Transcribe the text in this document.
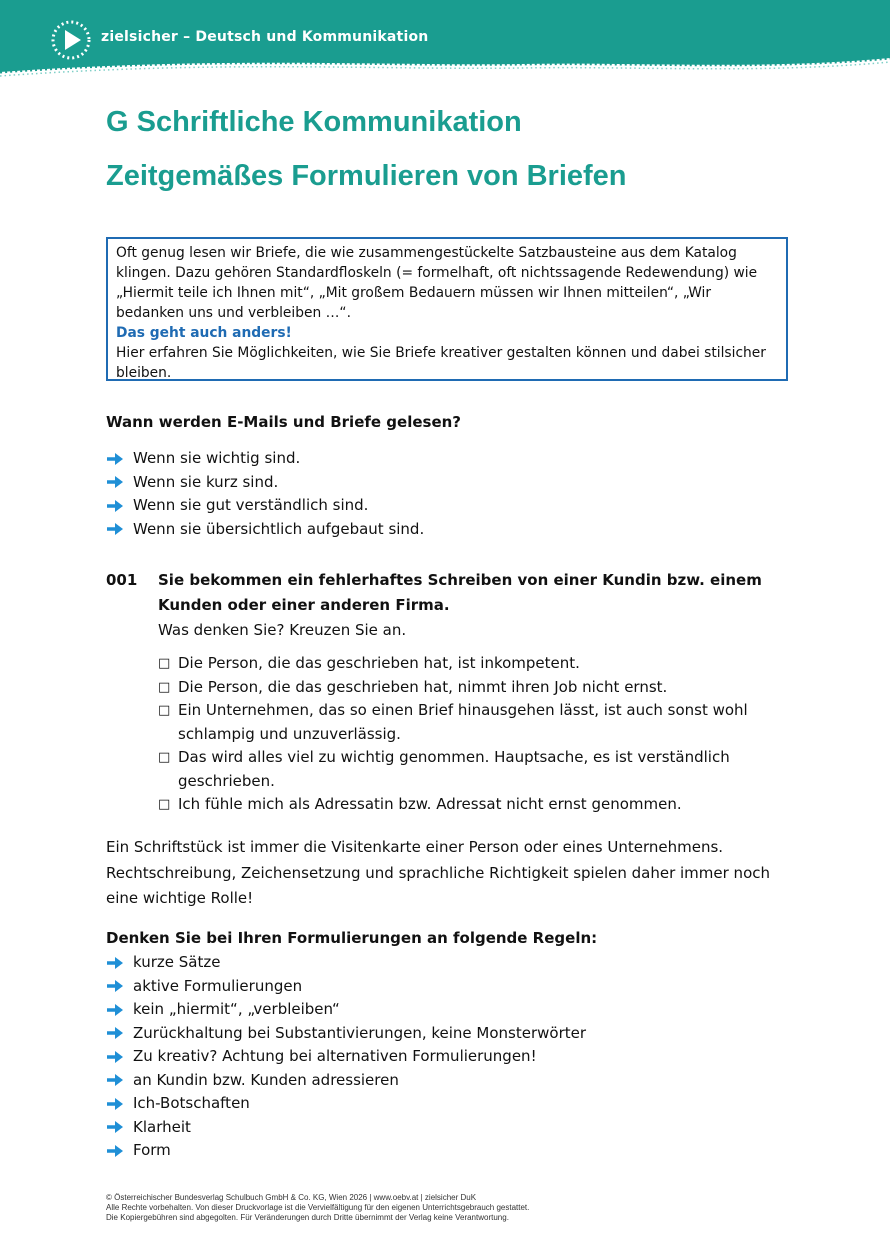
zielsicher – Deutsch und Kommunikation
G Schriftliche Kommunikation
Zeitgemäßes Formulieren von Briefen

Oft genug lesen wir Briefe, die wie zusammengestückelte Satzbausteine aus dem Katalog klingen. Dazu gehören Standardfloskeln (= formelhaft, oft nichtssagende Redewendung) wie „Hiermit teile ich Ihnen mit“, „Mit großem Bedauern müssen wir Ihnen mitteilen“, „Wir bedanken uns und verbleiben …“.

Das geht auch anders!

Hier erfahren Sie Möglichkeiten, wie Sie Briefe kreativer gestalten können und dabei stilsicher bleiben.

Wann werden E-Mails und Briefe gelesen?
Wenn sie wichtig sind.
Wenn sie kurz sind.
Wenn sie gut verständlich sind.
Wenn sie übersichtlich aufgebaut sind.
001 Sie bekommen ein fehlerhaftes Schreiben von einer Kundin bzw. einem Kunden oder einer anderen Firma.

Was denken Sie? Kreuzen Sie an.

□ Die Person, die das geschrieben hat, ist inkompetent.
□ Die Person, die das geschrieben hat, nimmt ihren Job nicht ernst.
□ Ein Unternehmen, das so einen Brief hinausgehen lässt, ist auch sonst wohl schlampig und unzuverlässig.
□ Das wird alles viel zu wichtig genommen. Hauptsache, es ist verständlich geschrieben.
□ Ich fühle mich als Adressatin bzw. Adressat nicht ernst genommen.

Ein Schriftstück ist immer die Visitenkarte einer Person oder eines Unternehmens. Rechtschreibung, Zeichensetzung und sprachliche Richtigkeit spielen daher immer noch eine wichtige Rolle!

Denken Sie bei Ihren Formulierungen an folgende Regeln:
kurze Sätze
aktive Formulierungen
kein „hiermit“, „verbleiben“
Zurückhaltung bei Substantivierungen, keine Monsterwörter
Zu kreativ? Achtung bei alternativen Formulierungen!
an Kundin bzw. Kunden adressieren
Ich-Botschaften
Klarheit
Form
© Österreichischer Bundesverlag Schulbuch GmbH & Co. KG, Wien 2026 | www.oebv.at | zielsicher DuK
Alle Rechte vorbehalten. Von dieser Druckvorlage ist die Vervielfältigung für den eigenen Unterrichtsgebrauch gestattet.
Die Kopiergebühren sind abgegolten. Für Veränderungen durch Dritte übernimmt der Verlag keine Verantwortung.
